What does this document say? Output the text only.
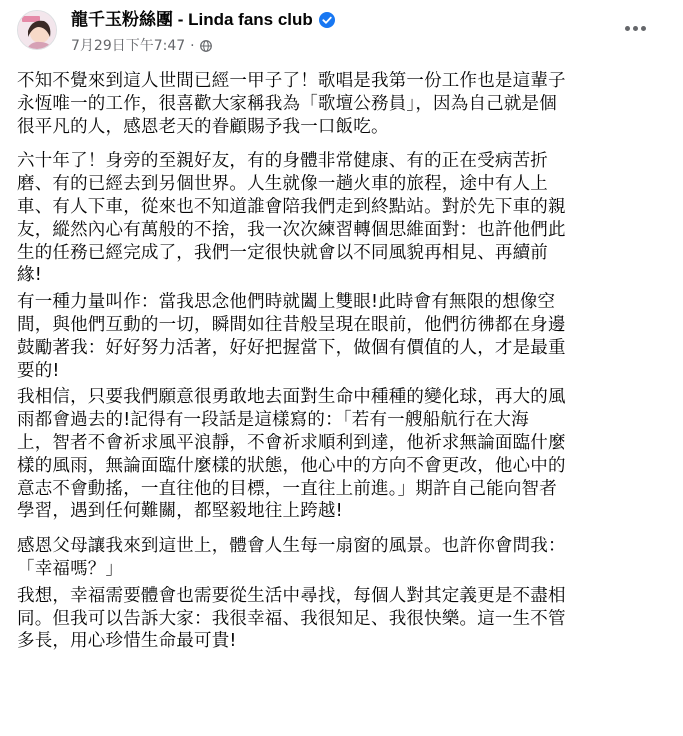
龍千玉粉絲團 - Linda fans club
7月29日下午7:47 ·

不知不覺來到這人世間已經一甲子了！歌唱是我第一份工作也是這輩子
永恆唯一的工作，很喜歡大家稱我為「歌壇公務員」，因為自己就是個
很平凡的人，感恩老天的眷顧賜予我一口飯吃。

六十年了！身旁的至親好友，有的身體非常健康、有的正在受病苦折
磨、有的已經去到另個世界。人生就像一趟火車的旅程，途中有人上
車、有人下車，從來也不知道誰會陪我們走到終點站。對於先下車的親
友，縱然內心有萬般的不捨，我一次次練習轉個思維面對：也許他們此
生的任務已經完成了，我們一定很快就會以不同風貌再相見、再續前
緣!

有一種力量叫作：當我思念他們時就闔上雙眼!此時會有無限的想像空
間，與他們互動的一切，瞬間如往昔般呈現在眼前，他們彷彿都在身邊
鼓勵著我：好好努力活著，好好把握當下，做個有價值的人，才是最重
要的!

我相信，只要我們願意很勇敢地去面對生命中種種的變化球，再大的風
雨都會過去的!記得有一段話是這樣寫的：「若有一艘船航行在大海
上，智者不會祈求風平浪靜，不會祈求順利到達，他祈求無論面臨什麼
樣的風雨，無論面臨什麼樣的狀態，他心中的方向不會更改，他心中的
意志不會動搖，一直往他的目標，一直往上前進。」期許自己能向智者
學習，遇到任何難關，都堅毅地往上跨越!

感恩父母讓我來到這世上，體會人生每一扇窗的風景。也許你會問我：
「幸福嗎？」

我想，幸福需要體會也需要從生活中尋找，每個人對其定義更是不盡相
同。但我可以告訴大家：我很幸福、我很知足、我很快樂。這一生不管
多長，用心珍惜生命最可貴!
